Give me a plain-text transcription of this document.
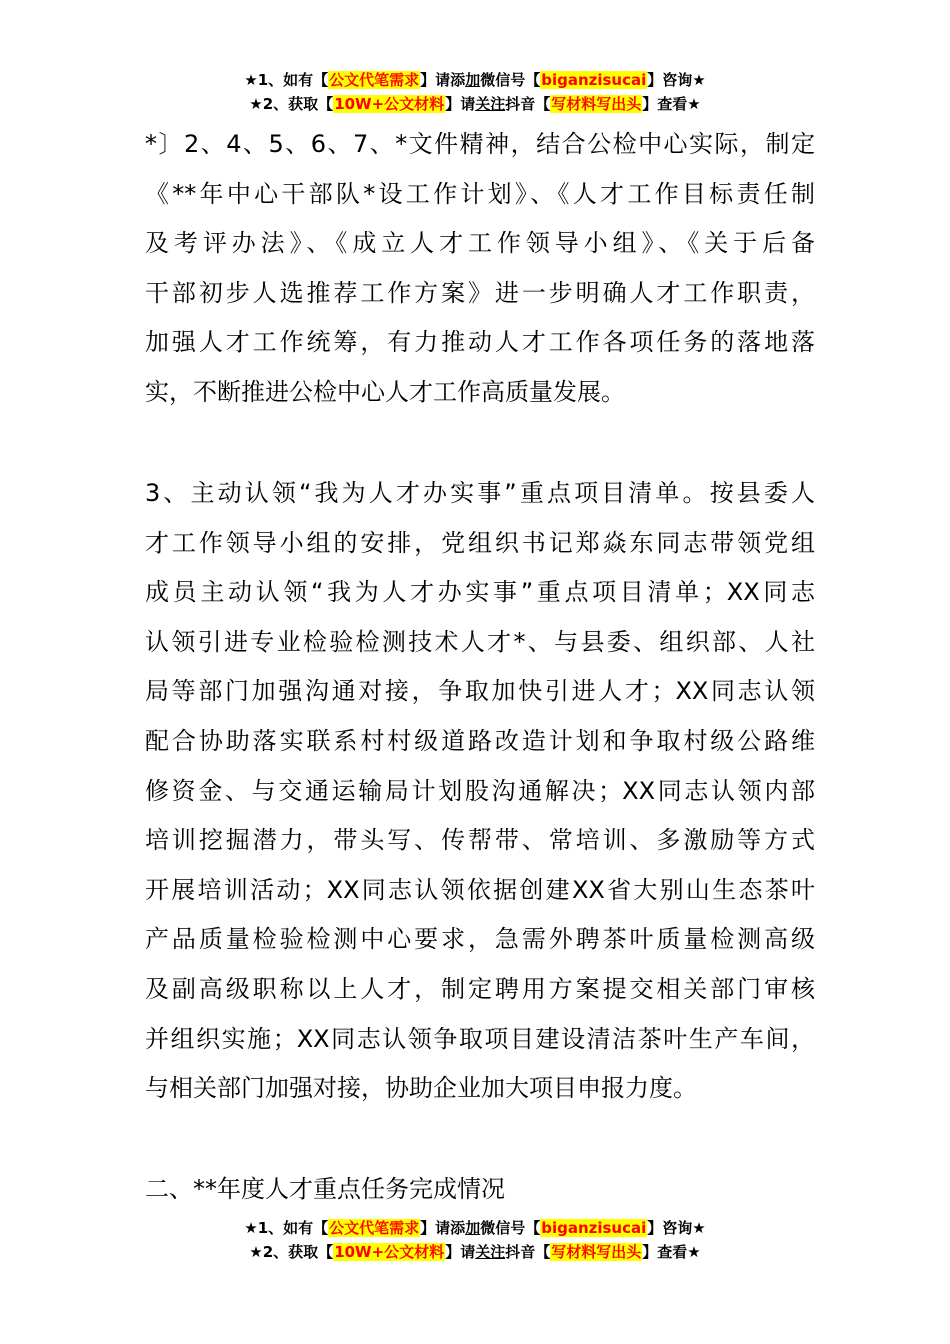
★1、如有【公文代笔需求】请添加微信号【biganzisucai】咨询★
★2、获取【10W+公文材料】请关注抖音【写材料写出头】查看★
*〕2、4、5、6、7、*文件精神，结合公检中心实际，制定
《**年中心干部队*设工作计划》、《人才工作目标责任制
及考评办法》、《成立人才工作领导小组》、《关于后备
干部初步人选推荐工作方案》进一步明确人才工作职责，
加强人才工作统筹，有力推动人才工作各项任务的落地落
实，不断推进公检中心人才工作高质量发展。
3、主动认领“我为人才办实事”重点项目清单。按县委人
才工作领导小组的安排，党组织书记郑焱东同志带领党组
成员主动认领“我为人才办实事”重点项目清单；XX同志
认领引进专业检验检测技术人才*、与县委、组织部、人社
局等部门加强沟通对接，争取加快引进人才；XX同志认领
配合协助落实联系村村级道路改造计划和争取村级公路维
修资金、与交通运输局计划股沟通解决；XX同志认领内部
培训挖掘潜力，带头写、传帮带、常培训、多激励等方式
开展培训活动；XX同志认领依据创建XX省大别山生态茶叶
产品质量检验检测中心要求，急需外聘茶叶质量检测高级
及副高级职称以上人才，制定聘用方案提交相关部门审核
并组织实施；XX同志认领争取项目建设清洁茶叶生产车间，
与相关部门加强对接，协助企业加大项目申报力度。
二、**年度人才重点任务完成情况
★1、如有【公文代笔需求】请添加微信号【biganzisucai】咨询★
★2、获取【10W+公文材料】请关注抖音【写材料写出头】查看★
